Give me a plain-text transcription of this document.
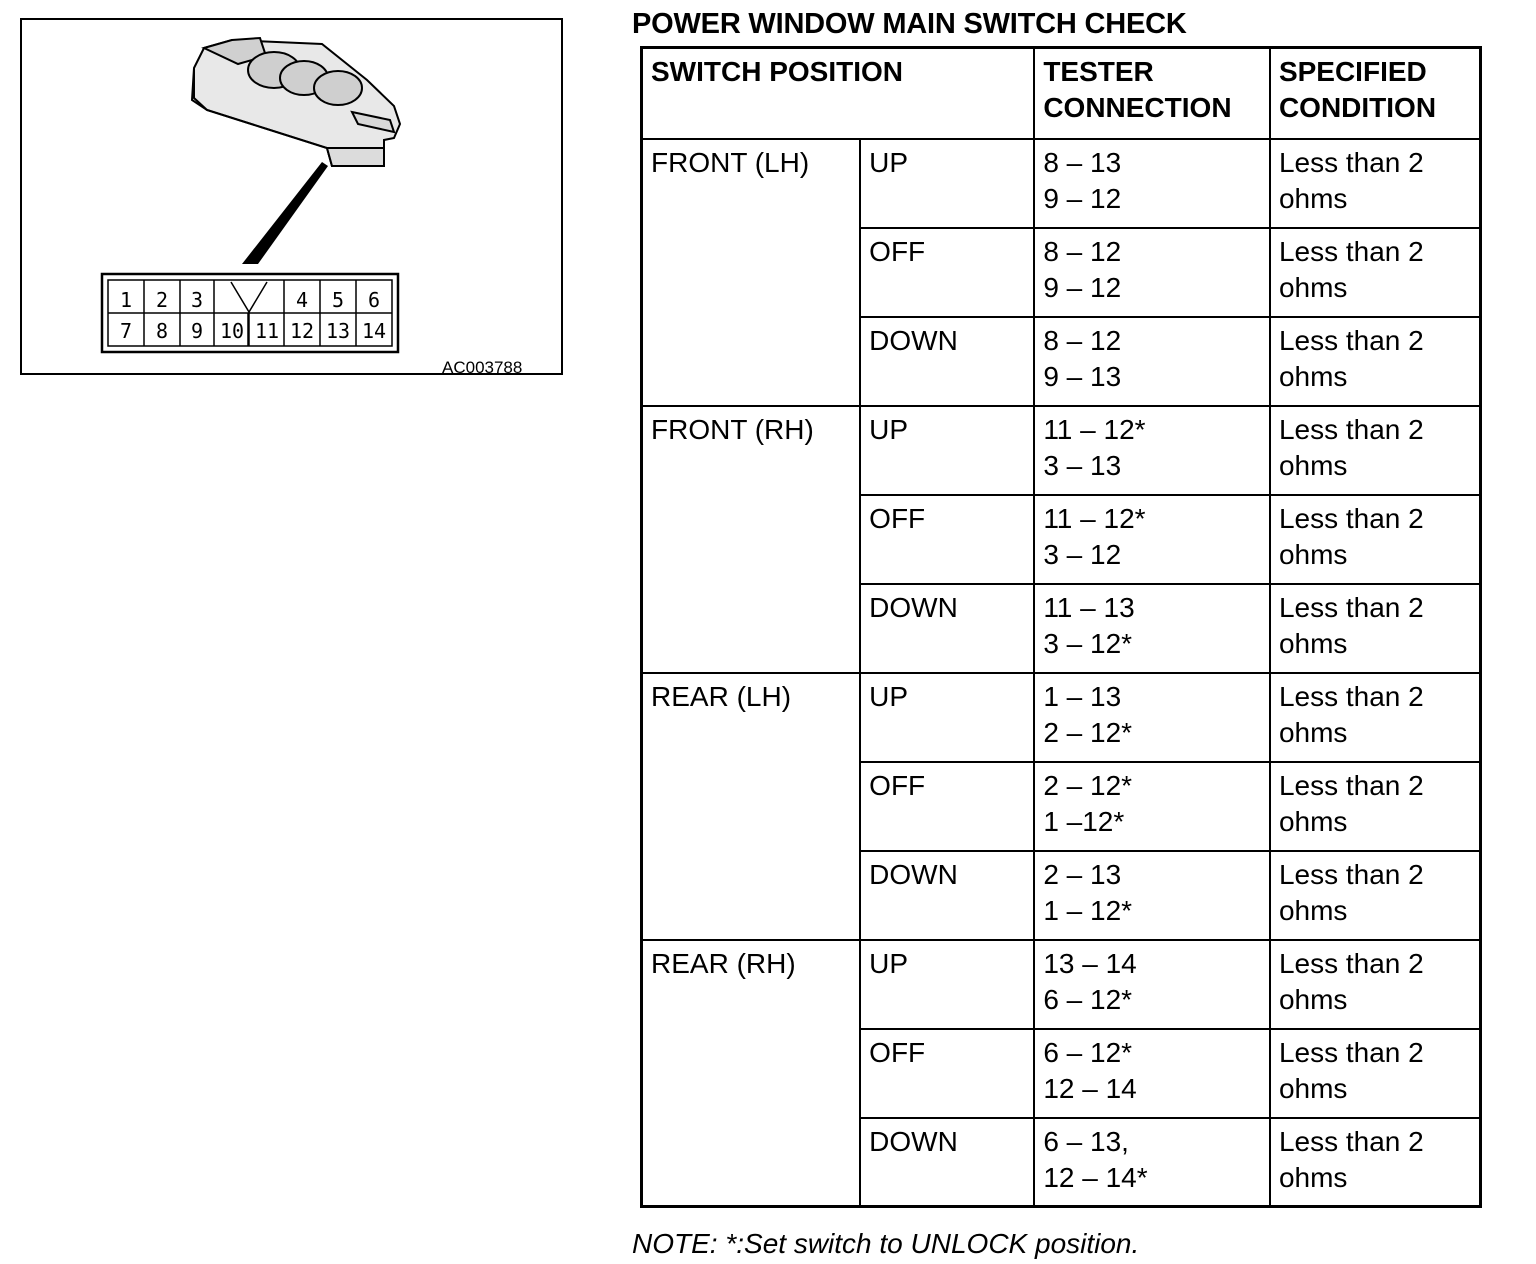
1 2 3	4 5 6
7 8 9 10 11 12 13 14
AC003788
POWER WINDOW MAIN SWITCH CHECK
SWITCH POSITION		TESTER
CONNECTION	SPECIFIED
CONDITION

FRONT (LH)	UP	8 – 13
9 – 12	Less than 2
ohms

	OFF	8 – 12
9 – 12	Less than 2
ohms

	DOWN	8 – 12
9 – 13	Less than 2
ohms

FRONT (RH)	UP	11 – 12*
3 – 13	Less than 2
ohms

	OFF	11 – 12*
3 – 12	Less than 2
ohms

	DOWN	11 – 13
3 – 12*	Less than 2
ohms

REAR (LH)	UP	1 – 13
2 – 12*	Less than 2
ohms

	OFF	2 – 12*
1 –12*	Less than 2
ohms

	DOWN	2 – 13
1 – 12*	Less than 2
ohms

REAR (RH)	UP	13 – 14
6 – 12*	Less than 2
ohms

	OFF	6 – 12*
12 – 14	Less than 2
ohms

	DOWN	6 – 13,
12 – 14*	Less than 2
ohms
NOTE: *:Set switch to UNLOCK position.
